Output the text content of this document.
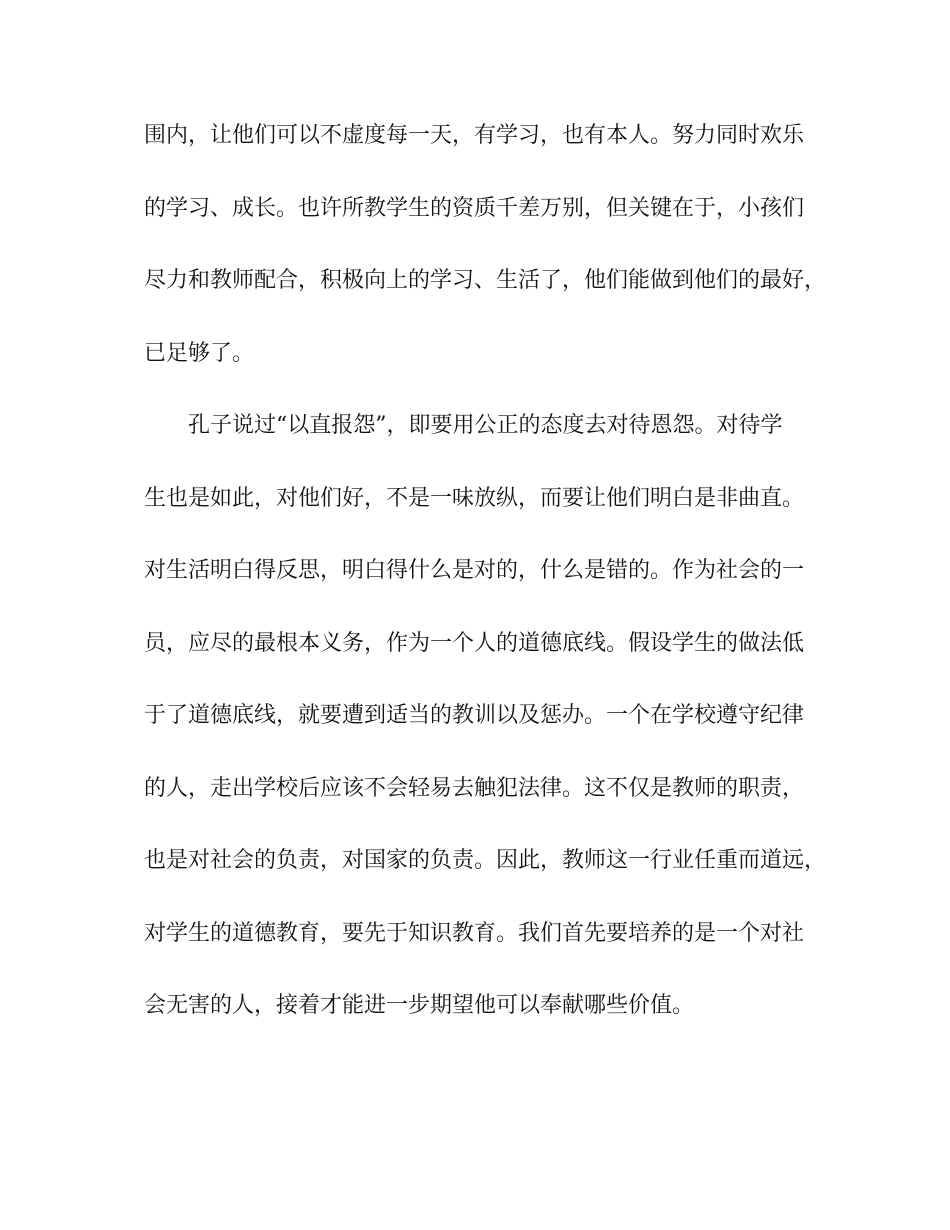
围内，让他们可以不虚度每一天，有学习，也有本人。努力同时欢乐
的学习、成长。也许所教学生的资质千差万别，但关键在于，小孩们
尽力和教师配合，积极向上的学习、生活了，他们能做到他们的最好，
已足够了。
孔子说过“以直报怨”，即要用公正的态度去对待恩怨。对待学
生也是如此，对他们好，不是一味放纵，而要让他们明白是非曲直。
对生活明白得反思，明白得什么是对的，什么是错的。作为社会的一
员，应尽的最根本义务，作为一个人的道德底线。假设学生的做法低
于了道德底线，就要遭到适当的教训以及惩办。一个在学校遵守纪律
的人，走出学校后应该不会轻易去触犯法律。这不仅是教师的职责，
也是对社会的负责，对国家的负责。因此，教师这一行业任重而道远，
对学生的道德教育，要先于知识教育。我们首先要培养的是一个对社
会无害的人，接着才能进一步期望他可以奉献哪些价值。
